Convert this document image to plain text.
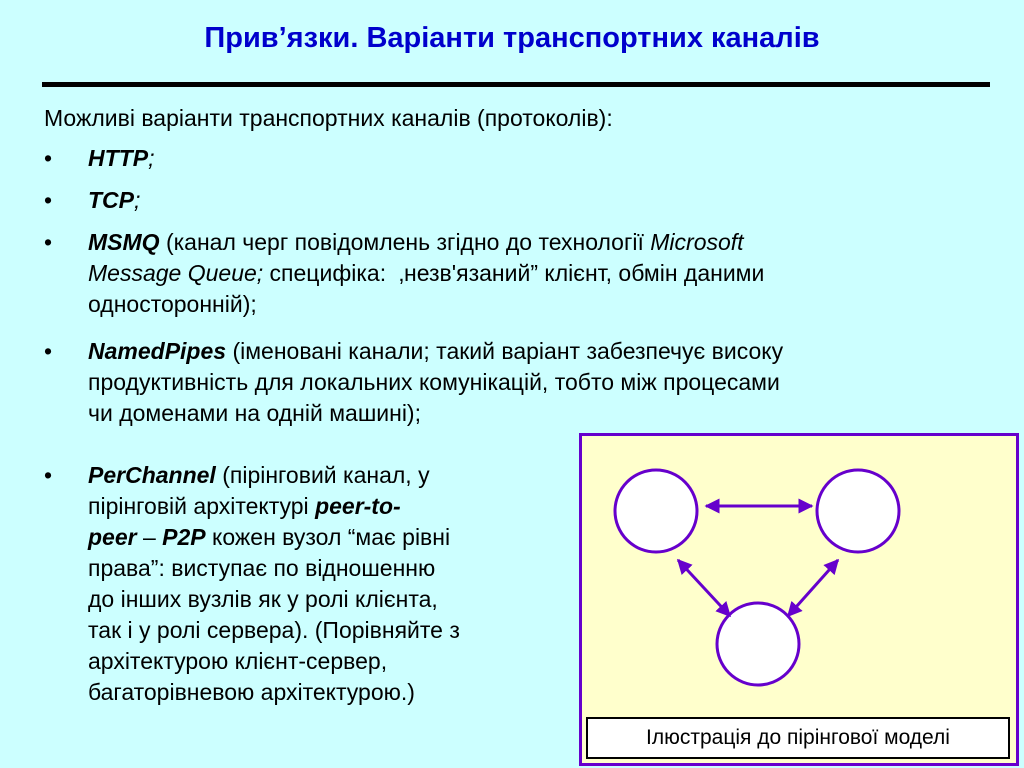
Прив’язки. Варіанти транспортних каналів
Можливі варіанти транспортних каналів (протоколів):
• HTTP;
• TCP;
• MSMQ (канал черг повідомлень згідно до технології Microsoft
Message Queue; специфіка:  ‚незв'язаний” клієнт, обмін даними
односторонній);
• NamedPipes (іменовані канали; такий варіант забезпечує високу
продуктивність для локальних комунікацій, тобто між процесами
чи доменами на одній машині);
• PerChannel (пірінговий канал, у
пірінговій архітектурі peer-to-
peer – P2P кожен вузол “має рівні
права”: виступає по відношенню
до інших вузлів як у ролі клієнта,
так і у ролі сервера). (Порівняйте з
архітектурою клієнт-сервер,
багаторівневою архітектурою.)
Ілюстрація до пірінгової моделі
